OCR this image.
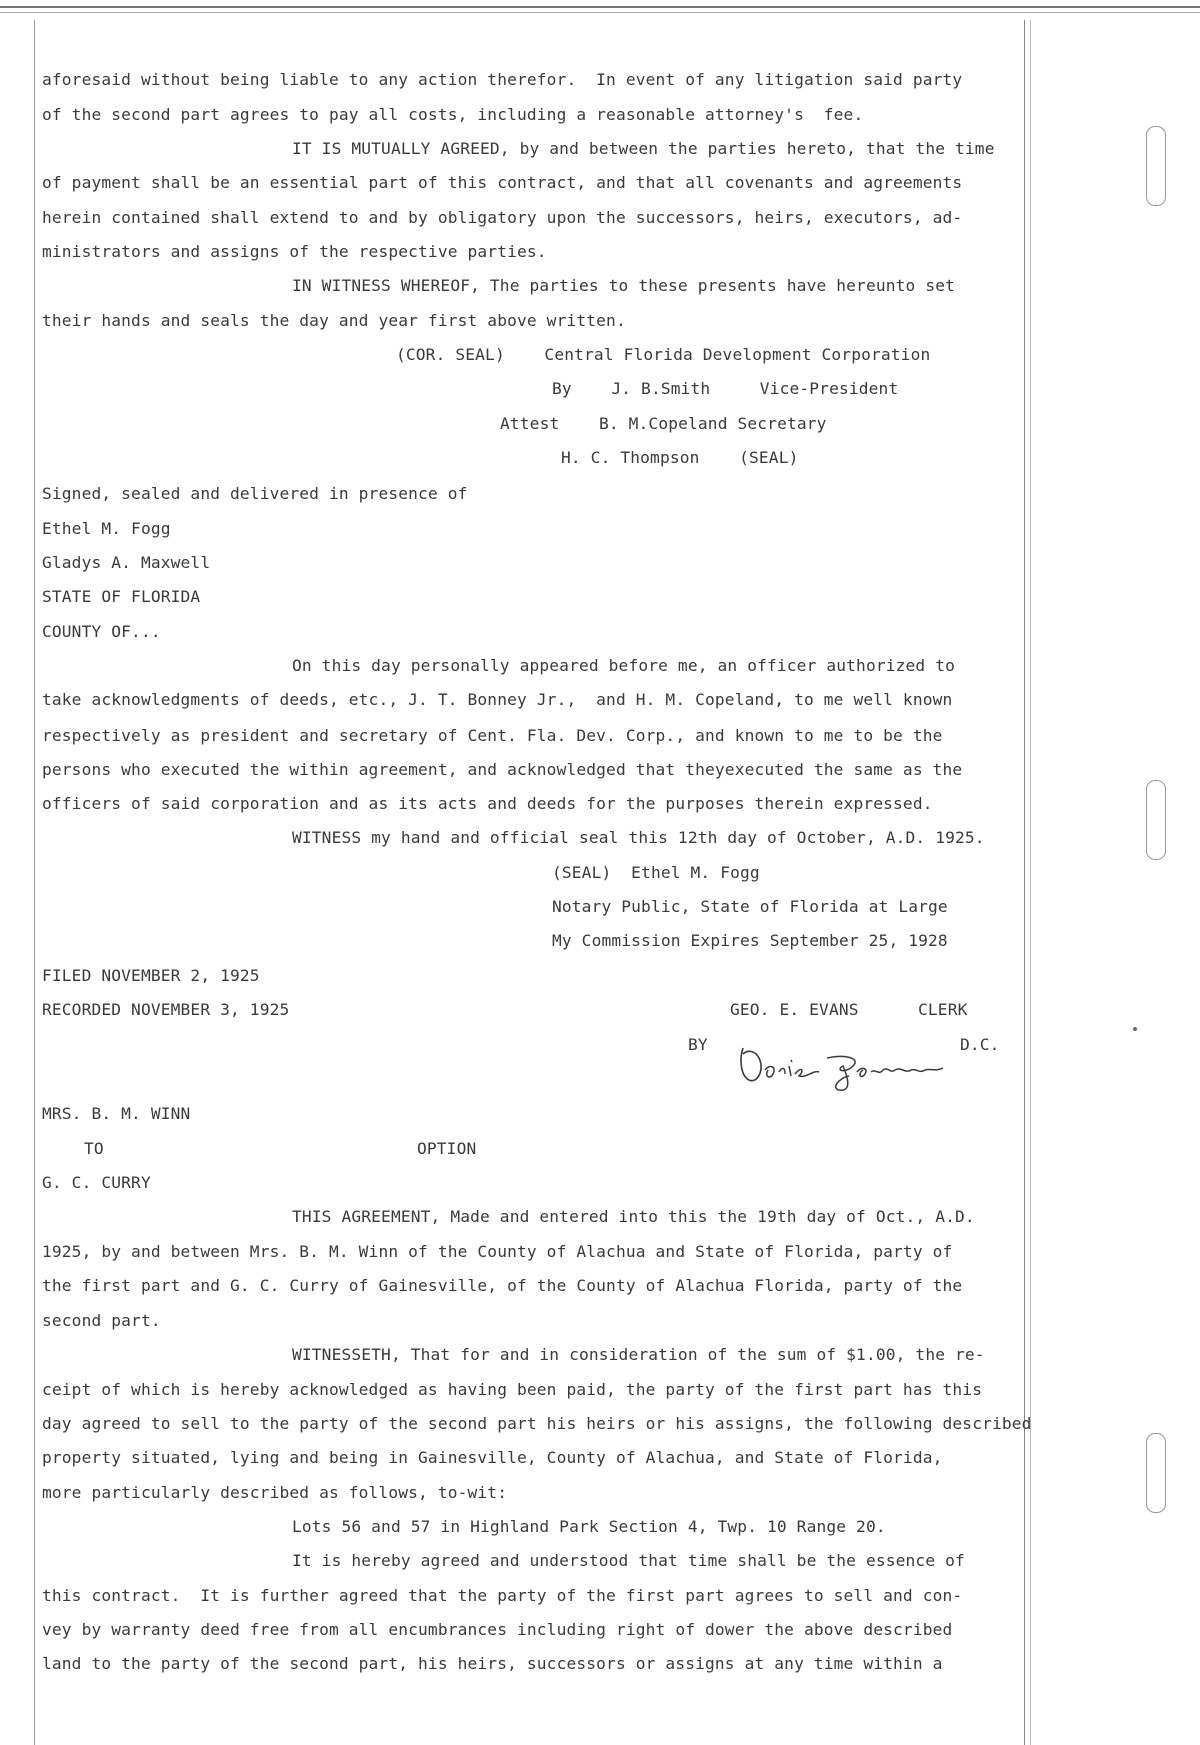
aforesaid without being liable to any action therefor.  In event of any litigation said party
of the second part agrees to pay all costs, including a reasonable attorney's  fee.
IT IS MUTUALLY AGREED, by and between the parties hereto, that the time
of payment shall be an essential part of this contract, and that all covenants and agreements
herein contained shall extend to and by obligatory upon the successors, heirs, executors, ad-
ministrators and assigns of the respective parties.
IN WITNESS WHEREOF, The parties to these presents have hereunto set
their hands and seals the day and year first above written.
(COR. SEAL)    Central Florida Development Corporation
By    J. B.Smith     Vice-President
Attest    B. M.Copeland Secretary
H. C. Thompson    (SEAL)
Signed, sealed and delivered in presence of
Ethel M. Fogg
Gladys A. Maxwell
STATE OF FLORIDA
COUNTY OF...
On this day personally appeared before me, an officer authorized to
take acknowledgments of deeds, etc., J. T. Bonney Jr.,  and H. M. Copeland, to me well known
respectively as president and secretary of Cent. Fla. Dev. Corp., and known to me to be the
persons who executed the within agreement, and acknowledged that theyexecuted the same as the
officers of said corporation and as its acts and deeds for the purposes therein expressed.
WITNESS my hand and official seal this 12th day of October, A.D. 1925.
(SEAL)  Ethel M. Fogg
Notary Public, State of Florida at Large
My Commission Expires September 25, 1928
FILED NOVEMBER 2, 1925
RECORDED NOVEMBER 3, 1925	GEO. E. EVANS      CLERK
BY	D.C.
MRS. B. M. WINN
TO	OPTION
G. C. CURRY
THIS AGREEMENT, Made and entered into this the 19th day of Oct., A.D.
1925, by and between Mrs. B. M. Winn of the County of Alachua and State of Florida, party of
the first part and G. C. Curry of Gainesville, of the County of Alachua Florida, party of the
second part.
WITNESSETH, That for and in consideration of the sum of $1.00, the re-
ceipt of which is hereby acknowledged as having been paid, the party of the first part has this
day agreed to sell to the party of the second part his heirs or his assigns, the following described
property situated, lying and being in Gainesville, County of Alachua, and State of Florida,
more particularly described as follows, to-wit:
Lots 56 and 57 in Highland Park Section 4, Twp. 10 Range 20.
It is hereby agreed and understood that time shall be the essence of
this contract.  It is further agreed that the party of the first part agrees to sell and con-
vey by warranty deed free from all encumbrances including right of dower the above described
land to the party of the second part, his heirs, successors or assigns at any time within a
